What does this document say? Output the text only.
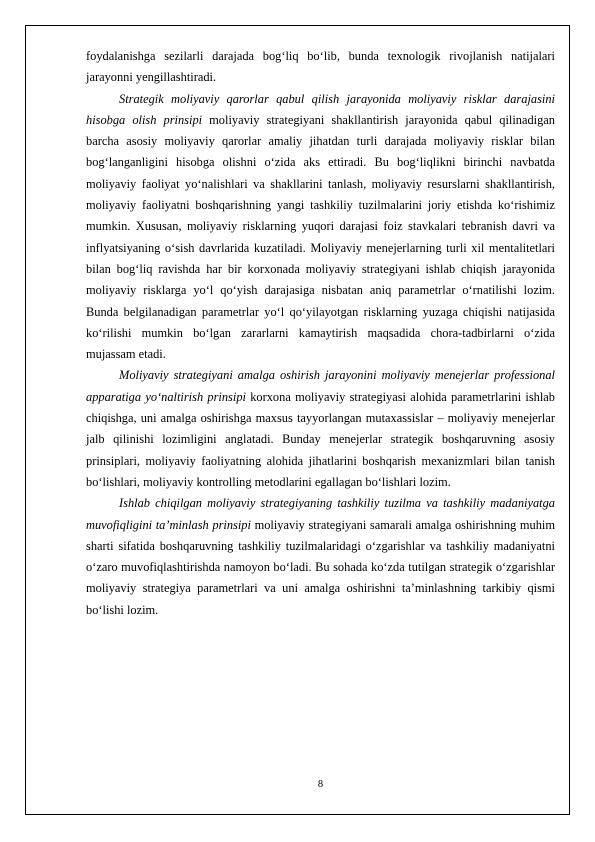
foydalanishga sezilarli darajada bog‘liq bo‘lib, bunda texnologik rivojlanish natijalari jarayonni yengillashtiradi.

Strategik moliyaviy qarorlar qabul qilish jarayonida moliyaviy risklar darajasini hisobga olish prinsipi moliyaviy strategiyani shakllantirish jarayonida qabul qilinadigan barcha asosiy moliyaviy qarorlar amaliy jihatdan turli darajada moliyaviy risklar bilan bog‘langanligini hisobga olishni o‘zida aks ettiradi. Bu bog‘liqlikni birinchi navbatda moliyaviy faoliyat yo‘nalishlari va shakllarini tanlash, moliyaviy resurslarni shakllantirish, moliyaviy faoliyatni boshqarishning yangi tashkiliy tuzilmalarini joriy etishda ko‘rishimiz mumkin. Xususan, moliyaviy risklarning yuqori darajasi foiz stavkalari tebranish davri va inflyatsiyaning o‘sish davrlarida kuzatiladi. Moliyaviy menejerlarning turli xil mentalitetlari bilan bog‘liq ravishda har bir korxonada moliyaviy strategiyani ishlab chiqish jarayonida moliyaviy risklarga yo‘l qo‘yish darajasiga nisbatan aniq parametrlar o‘rnatilishi lozim. Bunda belgilanadigan parametrlar yo‘l qo‘yilayotgan risklarning yuzaga chiqishi natijasida ko‘rilishi mumkin bo‘lgan zararlarni kamaytirish maqsadida chora-tadbirlarni o‘zida mujassam etadi.

Moliyaviy strategiyani amalga oshirish jarayonini moliyaviy menejerlar professional apparatiga yo‘naltirish prinsipi korxona moliyaviy strategiyasi alohida parametrlarini ishlab chiqishga, uni amalga oshirishga maxsus tayyorlangan mutaxassislar – moliyaviy menejerlar jalb qilinishi lozimligini anglatadi. Bunday menejerlar strategik boshqaruvning asosiy prinsiplari, moliyaviy faoliyatning alohida jihatlarini boshqarish mexanizmlari bilan tanish bo‘lishlari, moliyaviy kontrolling metodlarini egallagan bo‘lishlari lozim.

Ishlab chiqilgan moliyaviy strategiyaning tashkiliy tuzilma va tashkiliy madaniyatga muvofiqligini ta’minlash prinsipi moliyaviy strategiyani samarali amalga oshirishning muhim sharti sifatida boshqaruvning tashkiliy tuzilmalaridagi o‘zgarishlar va tashkiliy madaniyatni o‘zaro muvofiqlashtirishda namoyon bo‘ladi. Bu sohada ko‘zda tutilgan strategik o‘zgarishlar moliyaviy strategiya parametrlari va uni amalga oshirishni ta’minlashning tarkibiy qismi bo‘lishi lozim.

8
